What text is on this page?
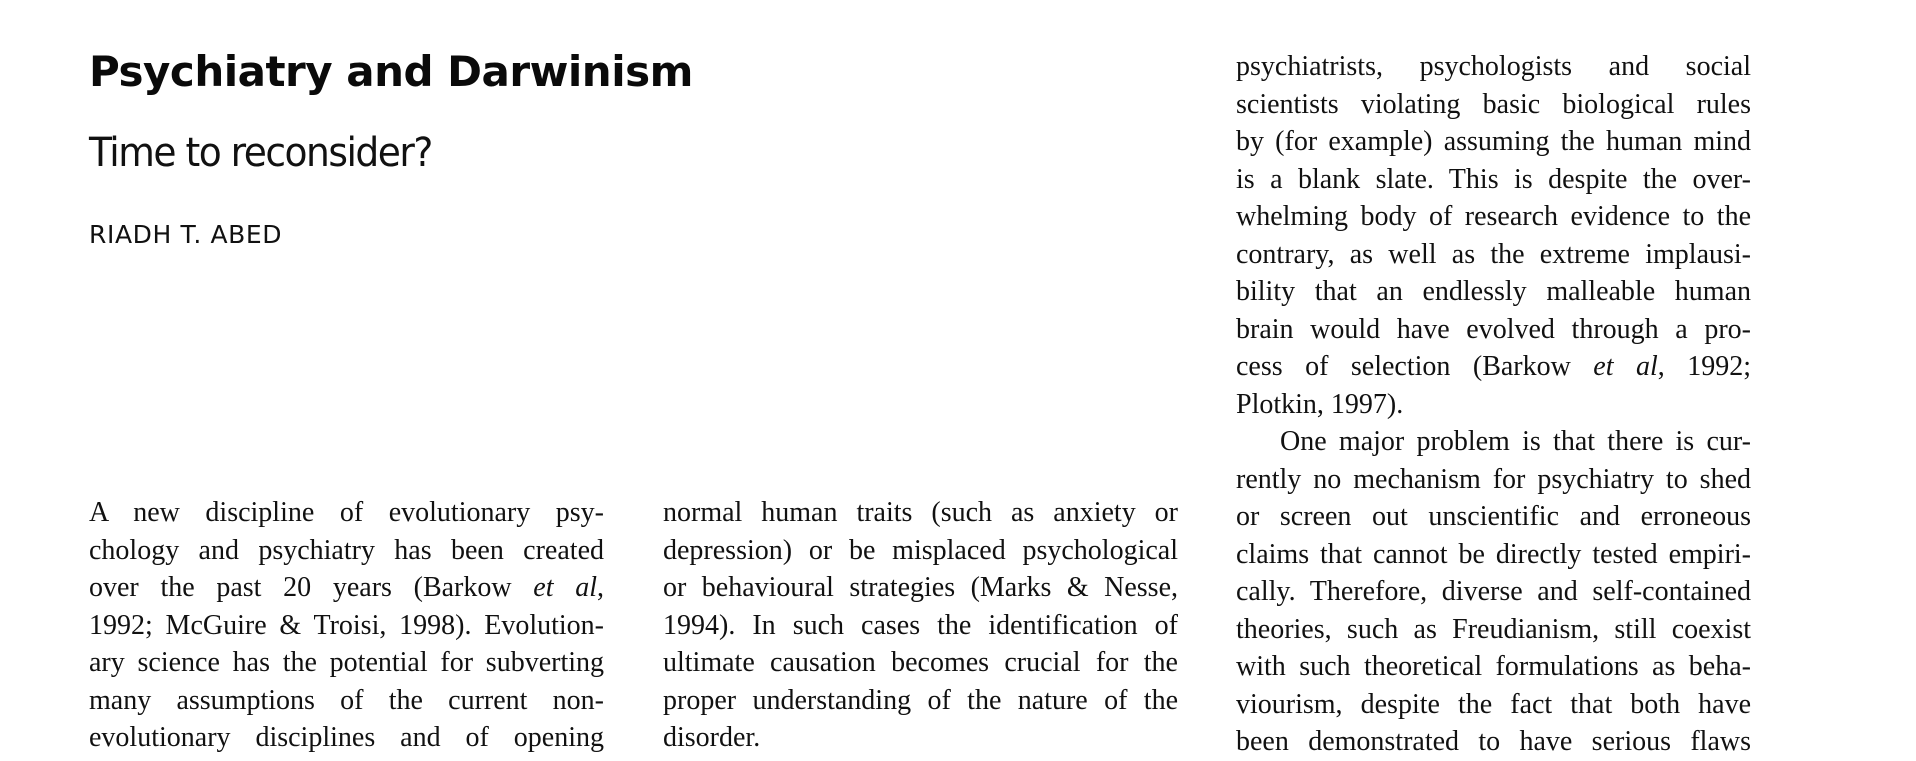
Psychiatry and Darwinism
Time to reconsider?
RIADH T. ABED
A new discipline of evolutionary psy-
chology and psychiatry has been created
over the past 20 years (Barkow et al,
1992; McGuire & Troisi, 1998). Evolution-
ary science has the potential for subverting
many assumptions of the current non-
evolutionary disciplines and of opening
normal human traits (such as anxiety or
depression) or be misplaced psychological
or behavioural strategies (Marks & Nesse,
1994). In such cases the identification of
ultimate causation becomes crucial for the
proper understanding of the nature of the
disorder.
psychiatrists, psychologists and social
scientists violating basic biological rules
by (for example) assuming the human mind
is a blank slate. This is despite the over-
whelming body of research evidence to the
contrary, as well as the extreme implausi-
bility that an endlessly malleable human
brain would have evolved through a pro-
cess of selection (Barkow et al, 1992;
Plotkin, 1997).
One major problem is that there is cur-
rently no mechanism for psychiatry to shed
or screen out unscientific and erroneous
claims that cannot be directly tested empiri-
cally. Therefore, diverse and self-contained
theories, such as Freudianism, still coexist
with such theoretical formulations as beha-
viourism, despite the fact that both have
been demonstrated to have serious flaws
